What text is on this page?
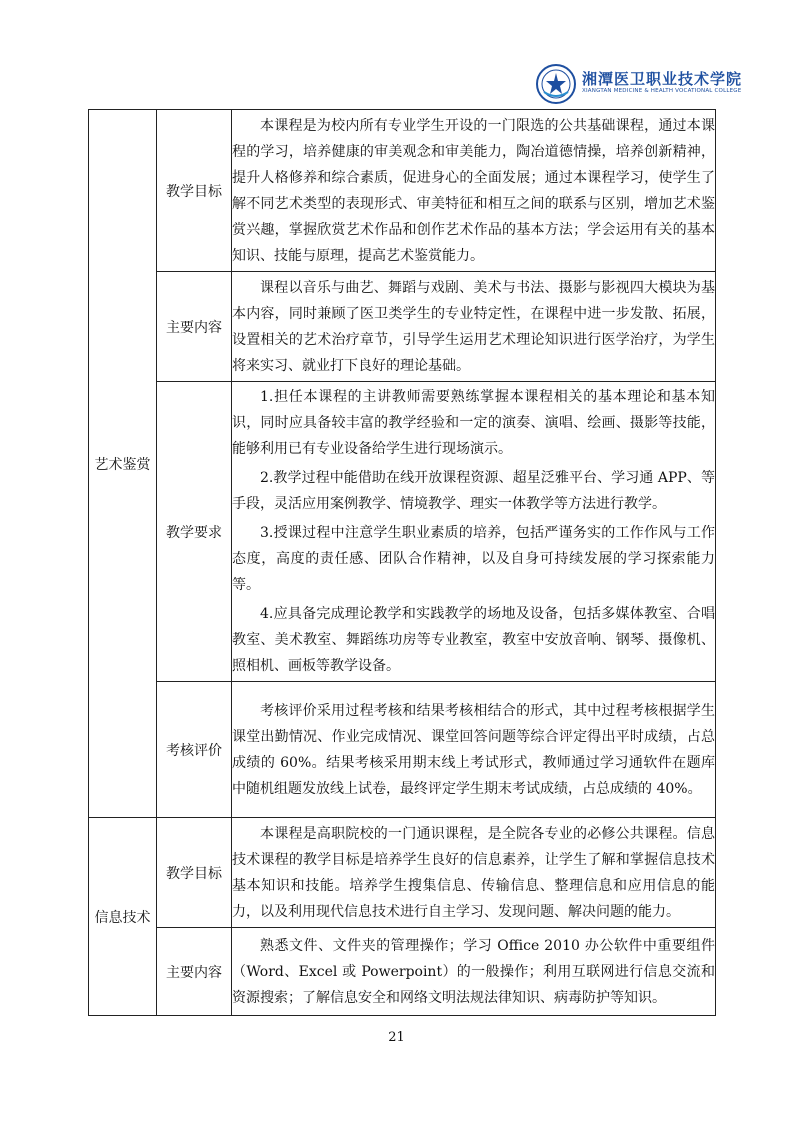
湘潭医卫职业技术学院
XIANGTAN MEDICINE & HEALTH VOCATIONAL COLLEGE
艺术鉴赏	教学目标	本课程是为校内所有专业学生开设的一门限选的公共基础课程，通过本课程的学习，培养健康的审美观念和审美能力，陶冶道德情操，培养创新精神，提升人格修养和综合素质，促进身心的全面发展；通过本课程学习，使学生了解不同艺术类型的表现形式、审美特征和相互之间的联系与区别，增加艺术鉴赏兴趣，掌握欣赏艺术作品和创作艺术作品的基本方法；学会运用有关的基本知识、技能与原理，提高艺术鉴赏能力。

	主要内容	课程以音乐与曲艺、舞蹈与戏剧、美术与书法、摄影与影视四大模块为基本内容，同时兼顾了医卫类学生的专业特定性，在课程中进一步发散、拓展，设置相关的艺术治疗章节，引导学生运用艺术理论知识进行医学治疗，为学生将来实习、就业打下良好的理论基础。

	教学要求	1.担任本课程的主讲教师需要熟练掌握本课程相关的基本理论和基本知识，同时应具备较丰富的教学经验和一定的演奏、演唱、绘画、摄影等技能，能够利用已有专业设备给学生进行现场演示。

2.教学过程中能借助在线开放课程资源、超星泛雅平台、学习通 APP、等手段，灵活应用案例教学、情境教学、理实一体教学等方法进行教学。

3.授课过程中注意学生职业素质的培养，包括严谨务实的工作作风与工作态度，高度的责任感、团队合作精神，以及自身可持续发展的学习探索能力等。

4.应具备完成理论教学和实践教学的场地及设备，包括多媒体教室、合唱教室、美术教室、舞蹈练功房等专业教室，教室中安放音响、钢琴、摄像机、照相机、画板等教学设备。

	考核评价	考核评价采用过程考核和结果考核相结合的形式，其中过程考核根据学生课堂出勤情况、作业完成情况、课堂回答问题等综合评定得出平时成绩，占总成绩的 60%。结果考核采用期末线上考试形式，教师通过学习通软件在题库中随机组题发放线上试卷，最终评定学生期末考试成绩，占总成绩的 40%。

信息技术	教学目标	本课程是高职院校的一门通识课程，是全院各专业的必修公共课程。信息技术课程的教学目标是培养学生良好的信息素养，让学生了解和掌握信息技术基本知识和技能。培养学生搜集信息、传输信息、整理信息和应用信息的能力，以及利用现代信息技术进行自主学习、发现问题、解决问题的能力。

	主要内容	熟悉文件、文件夹的管理操作；学习 Office 2010 办公软件中重要组件（Word、Excel 或 Powerpoint）的一般操作；利用互联网进行信息交流和资源搜索；了解信息安全和网络文明法规法律知识、病毒防护等知识。

21
